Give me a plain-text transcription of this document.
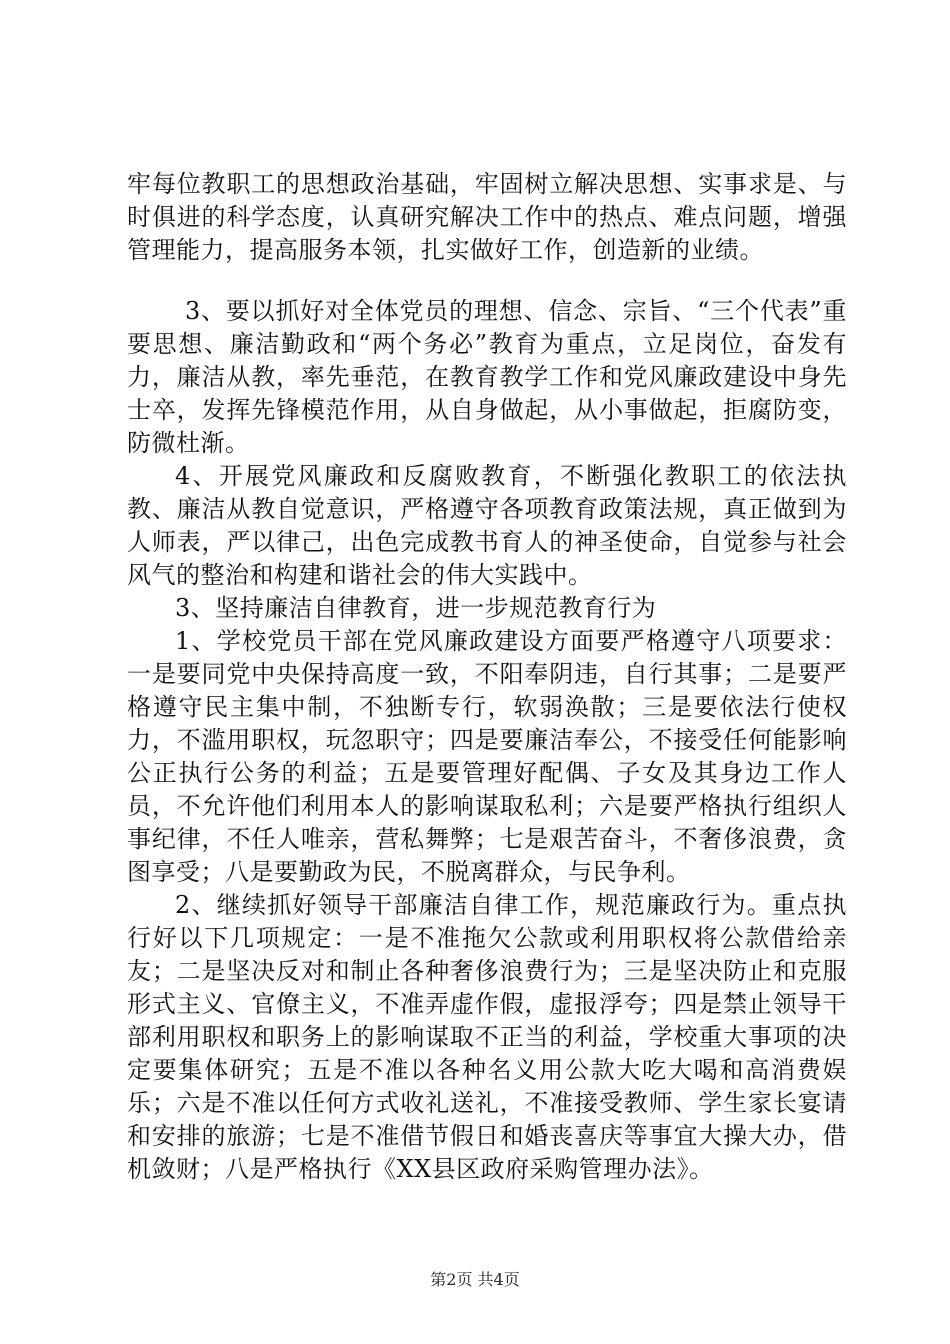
牢每位教职工的思想政治基础，牢固树立解决思想、实事求是、与时俱进的科学态度，认真研究解决工作中的热点、难点问题，增强管理能力，提高服务本领，扎实做好工作，创造新的业绩。

3、要以抓好对全体党员的理想、信念、宗旨、“三个代表”重要思想、廉洁勤政和“两个务必”教育为重点，立足岗位，奋发有力，廉洁从教，率先垂范，在教育教学工作和党风廉政建设中身先士卒，发挥先锋模范作用，从自身做起，从小事做起，拒腐防变，防微杜渐。

4、开展党风廉政和反腐败教育，不断强化教职工的依法执教、廉洁从教自觉意识，严格遵守各项教育政策法规，真正做到为人师表，严以律己，出色完成教书育人的神圣使命，自觉参与社会风气的整治和构建和谐社会的伟大实践中。

3、坚持廉洁自律教育，进一步规范教育行为

1、学校党员干部在党风廉政建设方面要严格遵守八项要求：一是要同党中央保持高度一致，不阳奉阴违，自行其事；二是要严格遵守民主集中制，不独断专行，软弱涣散；三是要依法行使权力，不滥用职权，玩忽职守；四是要廉洁奉公，不接受任何能影响公正执行公务的利益；五是要管理好配偶、子女及其身边工作人员，不允许他们利用本人的影响谋取私利；六是要严格执行组织人事纪律，不任人唯亲，营私舞弊；七是艰苦奋斗，不奢侈浪费，贪图享受；八是要勤政为民，不脱离群众，与民争利。

2、继续抓好领导干部廉洁自律工作，规范廉政行为。重点执行好以下几项规定：一是不准拖欠公款或利用职权将公款借给亲友；二是坚决反对和制止各种奢侈浪费行为；三是坚决防止和克服形式主义、官僚主义，不准弄虚作假，虚报浮夸；四是禁止领导干部利用职权和职务上的影响谋取不正当的利益，学校重大事项的决定要集体研究；五是不准以各种名义用公款大吃大喝和高消费娱乐；六是不准以任何方式收礼送礼，不准接受教师、学生家长宴请和安排的旅游；七是不准借节假日和婚丧喜庆等事宜大操大办，借机敛财；八是严格执行《XX县区政府采购管理办法》。

第2页 共4页
